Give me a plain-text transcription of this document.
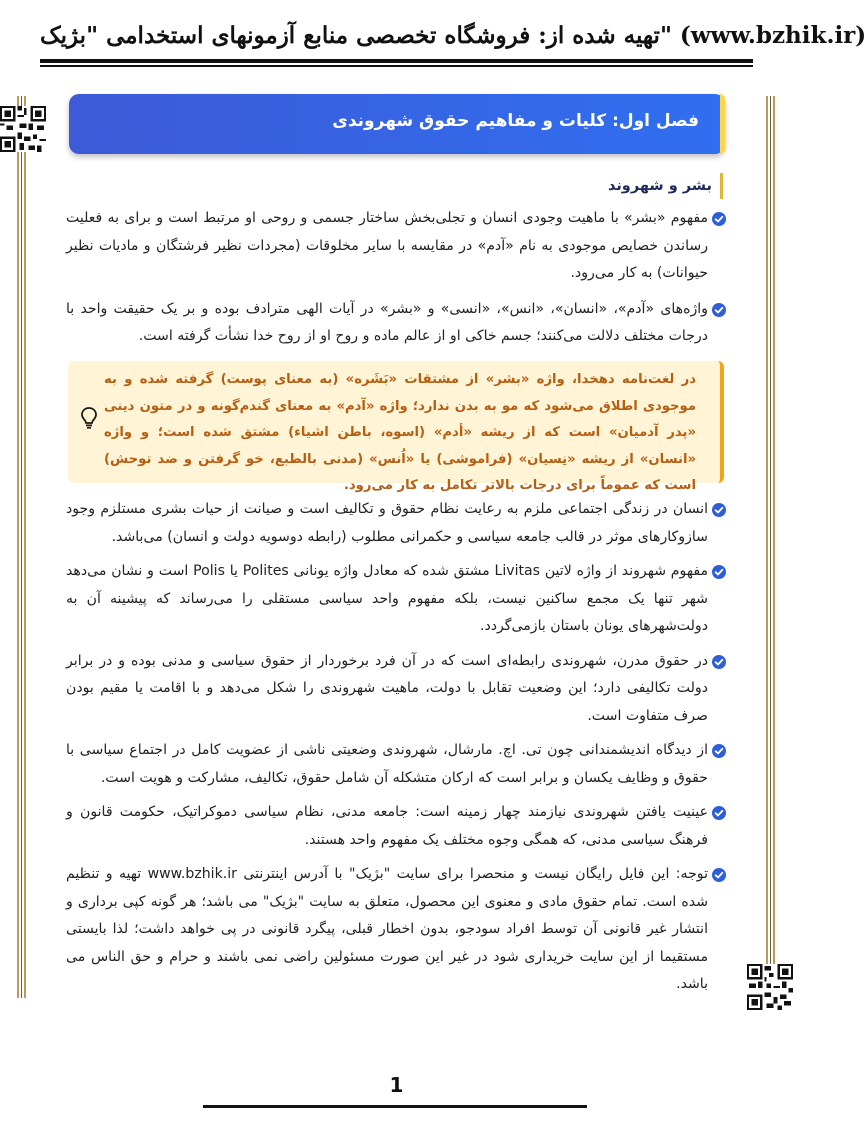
تهیه شده از: فروشگاه تخصصی منابع آزمونهای استخدامی "بژیک" (www.bzhik.ir)
فصل اول: کلیات و مفاهیم حقوق شهروندی
بشر و شهروند
مفهوم «بشر» با ماهیت وجودی انسان و تجلی‌بخش ساختار جسمی و روحی او مرتبط است و برای به فعلیت رساندن خصایص موجودی به نام «آدم» در مقایسه با سایر مخلوقات (مجردات نظیر فرشتگان و مادیات نظیر حیوانات) به کار می‌رود.
واژه‌های «آدم»، «انسان»، «انس»، «انسی» و «بشر» در آیات الهی مترادف بوده و بر یک حقیقت واحد با درجات مختلف دلالت می‌کنند؛ جسم خاکی او از عالم ماده و روح او از روح خدا نشأت گرفته است.
در لغت‌نامه دهخدا، واژه «بشر» از مشتقات «بَشَره» (به معنای پوست) گرفته شده و به موجودی اطلاق می‌شود که مو به بدن ندارد؛ واژه «آدم» به معنای گندم‌گونه و در متون دینی «پدر آدمیان» است که از ریشه «أدم» (اسوه، باطن اشیاء) مشتق شده است؛ و واژه «انسان» از ریشه «نِسیان» (فراموشی) یا «اُنس» (مدنی بالطبع، خو گرفتن و ضد توحش) است که عموماً برای درجات بالاتر تکامل به کار می‌رود.
انسان در زندگی اجتماعی ملزم به رعایت نظام حقوق و تکالیف است و صیانت از حیات بشری مستلزم وجود سازوکارهای موثر در قالب جامعه سیاسی و حکمرانی مطلوب (رابطه دوسویه دولت و انسان) می‌باشد.
مفهوم شهروند از واژه لاتین Livitas مشتق شده که معادل واژه یونانی Polites یا Polis است و نشان می‌دهد شهر تنها یک مجمع ساکنین نیست، بلکه مفهوم واحد سیاسی مستقلی را می‌رساند که پیشینه آن به دولت‌شهرهای یونان باستان بازمی‌گردد.
در حقوق مدرن، شهروندی رابطه‌ای است که در آن فرد برخوردار از حقوق سیاسی و مدنی بوده و در برابر دولت تکالیفی دارد؛ این وضعیت تقابل با دولت، ماهیت شهروندی را شکل می‌دهد و با اقامت یا مقیم بودن صرف متفاوت است.
از دیدگاه اندیشمندانی چون تی. اچ. مارشال، شهروندی وضعیتی ناشی از عضویت کامل در اجتماع سیاسی با حقوق و وظایف یکسان و برابر است که ارکان متشکله آن شامل حقوق، تکالیف، مشارکت و هویت است.
عینیت یافتن شهروندی نیازمند چهار زمینه است: جامعه مدنی، نظام سیاسی دموکراتیک، حکومت قانون و فرهنگ سیاسی مدنی، که همگی وجوه مختلف یک مفهوم واحد هستند.
توجه: این فایل رایگان نیست و منحصرا برای سایت "بژیک" با آدرس اینترنتی www.bzhik.ir تهیه و تنظیم شده است. تمام حقوق مادی و معنوی این محصول، متعلق به سایت "بژیک" می باشد؛ هر گونه کپی برداری و انتشار غیر قانونی آن توسط افراد سودجو، بدون اخطار قبلی، پیگرد قانونی در پی خواهد داشت؛ لذا بایستی مستقیما از این سایت خریداری شود در غیر این صورت مسئولین راضی نمی باشند و حرام و حق الناس می باشد.
1
